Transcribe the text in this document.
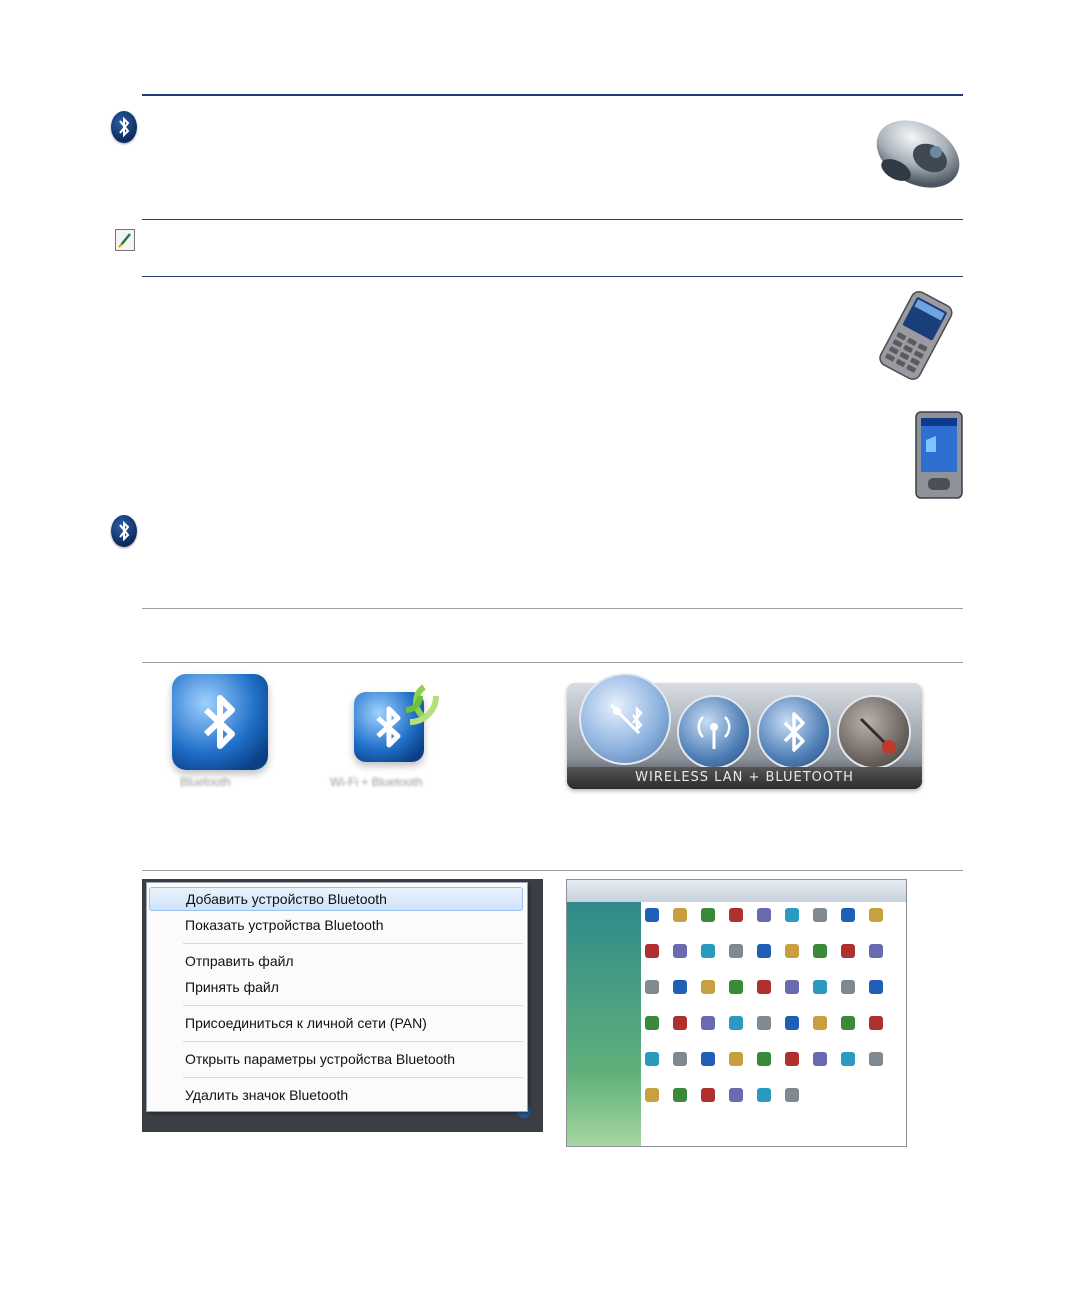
Bluetooth	Wi-Fi + Bluetooth	WIRELESS LAN + BLUETOOTH
Добавить устройство Bluetooth
Показать устройства Bluetooth
Отправить файл
Принять файл
Присоединиться к личной сети (PAN)
Открыть параметры устройства Bluetooth
Удалить значок Bluetooth
